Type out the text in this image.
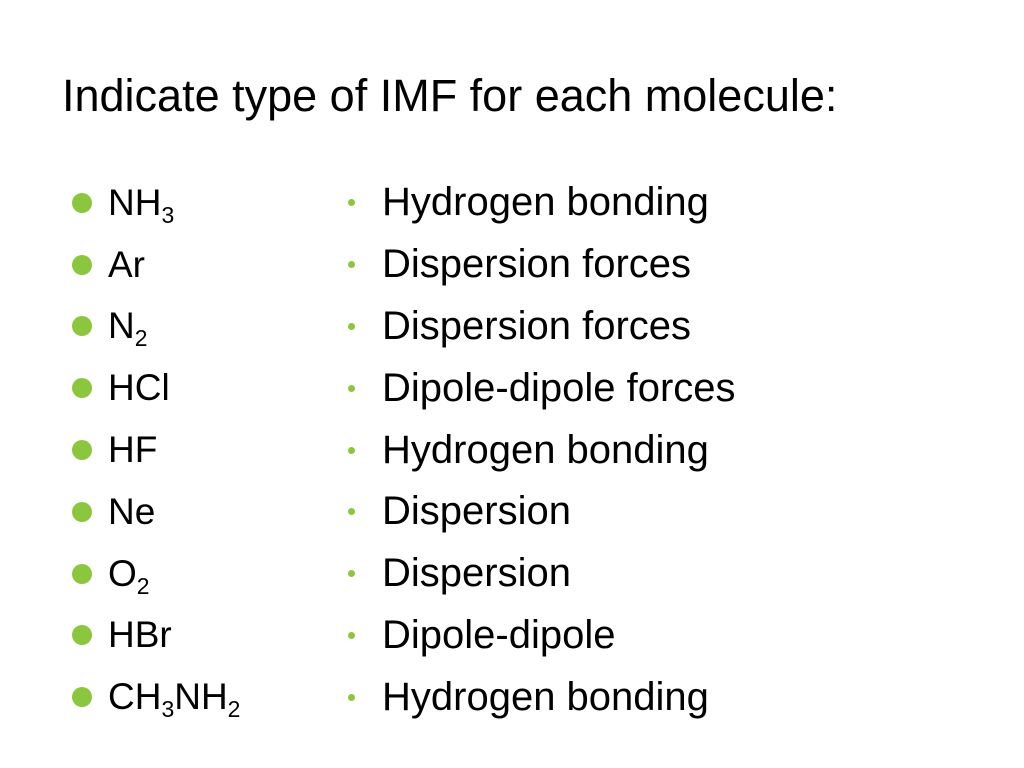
Indicate type of IMF for each molecule:
$NH_3$
Ar
$N_2$
HCl
HF
Ne
$O_2$
HBr
$CH_3NH_2$
Hydrogen bonding
Dispersion forces
Dispersion forces
Dipole-dipole forces
Hydrogen bonding
Dispersion
Dispersion
Dipole-dipole
Hydrogen bonding
